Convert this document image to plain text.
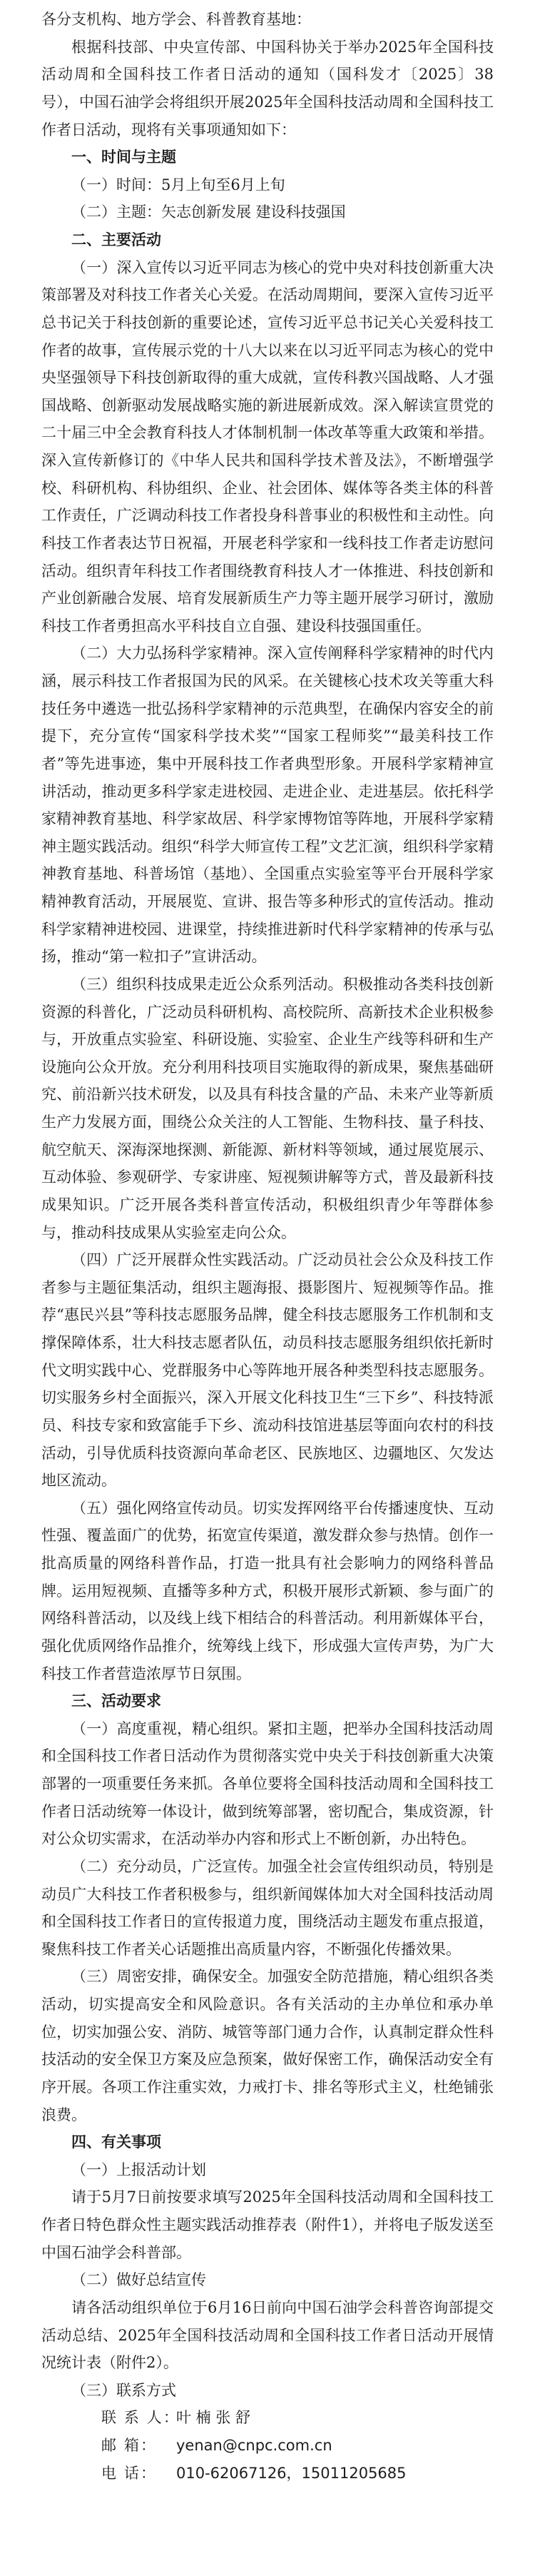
各分支机构、地方学会、科普教育基地：

根据科技部、中央宣传部、中国科协关于举办2025年全国科技活动周和全国科技工作者日活动的通知（国科发才〔2025〕38号），中国石油学会将组织开展2025年全国科技活动周和全国科技工作者日活动，现将有关事项通知如下：

一、时间与主题

（一）时间：5月上旬至6月上旬

（二）主题：矢志创新发展 建设科技强国

二、主要活动

（一）深入宣传以习近平同志为核心的党中央对科技创新重大决策部署及对科技工作者关心关爱。在活动周期间，要深入宣传习近平总书记关于科技创新的重要论述，宣传习近平总书记关心关爱科技工作者的故事，宣传展示党的十八大以来在以习近平同志为核心的党中央坚强领导下科技创新取得的重大成就，宣传科教兴国战略、人才强国战略、创新驱动发展战略实施的新进展新成效。深入解读宣贯党的二十届三中全会教育科技人才体制机制一体改革等重大政策和举措。深入宣传新修订的《中华人民共和国科学技术普及法》，不断增强学校、科研机构、科协组织、企业、社会团体、媒体等各类主体的科普工作责任，广泛调动科技工作者投身科普事业的积极性和主动性。向科技工作者表达节日祝福，开展老科学家和一线科技工作者走访慰问活动。组织青年科技工作者围绕教育科技人才一体推进、科技创新和产业创新融合发展、培育发展新质生产力等主题开展学习研讨，激励科技工作者勇担高水平科技自立自强、建设科技强国重任。

（二）大力弘扬科学家精神。深入宣传阐释科学家精神的时代内涵，展示科技工作者报国为民的风采。在关键核心技术攻关等重大科技任务中遴选一批弘扬科学家精神的示范典型，在确保内容安全的前提下，充分宣传“国家科学技术奖”“国家工程师奖”“最美科技工作者”等先进事迹，集中开展科技工作者典型形象。开展科学家精神宣讲活动，推动更多科学家走进校园、走进企业、走进基层。依托科学家精神教育基地、科学家故居、科学家博物馆等阵地，开展科学家精神主题实践活动。组织“科学大师宣传工程”文艺汇演，组织科学家精神教育基地、科普场馆（基地）、全国重点实验室等平台开展科学家精神教育活动，开展展览、宣讲、报告等多种形式的宣传活动。推动科学家精神进校园、进课堂，持续推进新时代科学家精神的传承与弘扬，推动“第一粒扣子”宣讲活动。

（三）组织科技成果走近公众系列活动。积极推动各类科技创新资源的科普化，广泛动员科研机构、高校院所、高新技术企业积极参与，开放重点实验室、科研设施、实验室、企业生产线等科研和生产设施向公众开放。充分利用科技项目实施取得的新成果，聚焦基础研究、前沿新兴技术研发，以及具有科技含量的产品、未来产业等新质生产力发展方面，围绕公众关注的人工智能、生物科技、量子科技、航空航天、深海深地探测、新能源、新材料等领域，通过展览展示、互动体验、参观研学、专家讲座、短视频讲解等方式，普及最新科技成果知识。广泛开展各类科普宣传活动，积极组织青少年等群体参与，推动科技成果从实验室走向公众。

（四）广泛开展群众性实践活动。广泛动员社会公众及科技工作者参与主题征集活动，组织主题海报、摄影图片、短视频等作品。推荐“惠民兴县”等科技志愿服务品牌，健全科技志愿服务工作机制和支撑保障体系，壮大科技志愿者队伍，动员科技志愿服务组织依托新时代文明实践中心、党群服务中心等阵地开展各种类型科技志愿服务。切实服务乡村全面振兴，深入开展文化科技卫生“三下乡”、科技特派员、科技专家和致富能手下乡、流动科技馆进基层等面向农村的科技活动，引导优质科技资源向革命老区、民族地区、边疆地区、欠发达地区流动。

（五）强化网络宣传动员。切实发挥网络平台传播速度快、互动性强、覆盖面广的优势，拓宽宣传渠道，激发群众参与热情。创作一批高质量的网络科普作品，打造一批具有社会影响力的网络科普品牌。运用短视频、直播等多种方式，积极开展形式新颖、参与面广的网络科普活动，以及线上线下相结合的科普活动。利用新媒体平台，强化优质网络作品推介，统筹线上线下，形成强大宣传声势，为广大科技工作者营造浓厚节日氛围。

三、活动要求

（一）高度重视，精心组织。紧扣主题，把举办全国科技活动周和全国科技工作者日活动作为贯彻落实党中央关于科技创新重大决策部署的一项重要任务来抓。各单位要将全国科技活动周和全国科技工作者日活动统筹一体设计，做到统筹部署，密切配合，集成资源，针对公众切实需求，在活动举办内容和形式上不断创新，办出特色。

（二）充分动员，广泛宣传。加强全社会宣传组织动员，特别是动员广大科技工作者积极参与，组织新闻媒体加大对全国科技活动周和全国科技工作者日的宣传报道力度，围绕活动主题发布重点报道，聚焦科技工作者关心话题推出高质量内容，不断强化传播效果。

（三）周密安排，确保安全。加强安全防范措施，精心组织各类活动，切实提高安全和风险意识。各有关活动的主办单位和承办单位，切实加强公安、消防、城管等部门通力合作，认真制定群众性科技活动的安全保卫方案及应急预案，做好保密工作，确保活动安全有序开展。各项工作注重实效，力戒打卡、排名等形式主义，杜绝铺张浪费。

四、有关事项

（一）上报活动计划

请于5月7日前按要求填写2025年全国科技活动周和全国科技工作者日特色群众性主题实践活动推荐表（附件1），并将电子版发送至中国石油学会科普部。

（二）做好总结宣传

请各活动组织单位于6月16日前向中国石油学会科普咨询部提交活动总结、2025年全国科技活动周和全国科技工作者日活动开展情况统计表（附件2）。

（三）联系方式

联 系 人：叶 楠 张 舒

邮 箱： yenan@cnpc.com.cn

电 话： 010-62067126，15011205685
